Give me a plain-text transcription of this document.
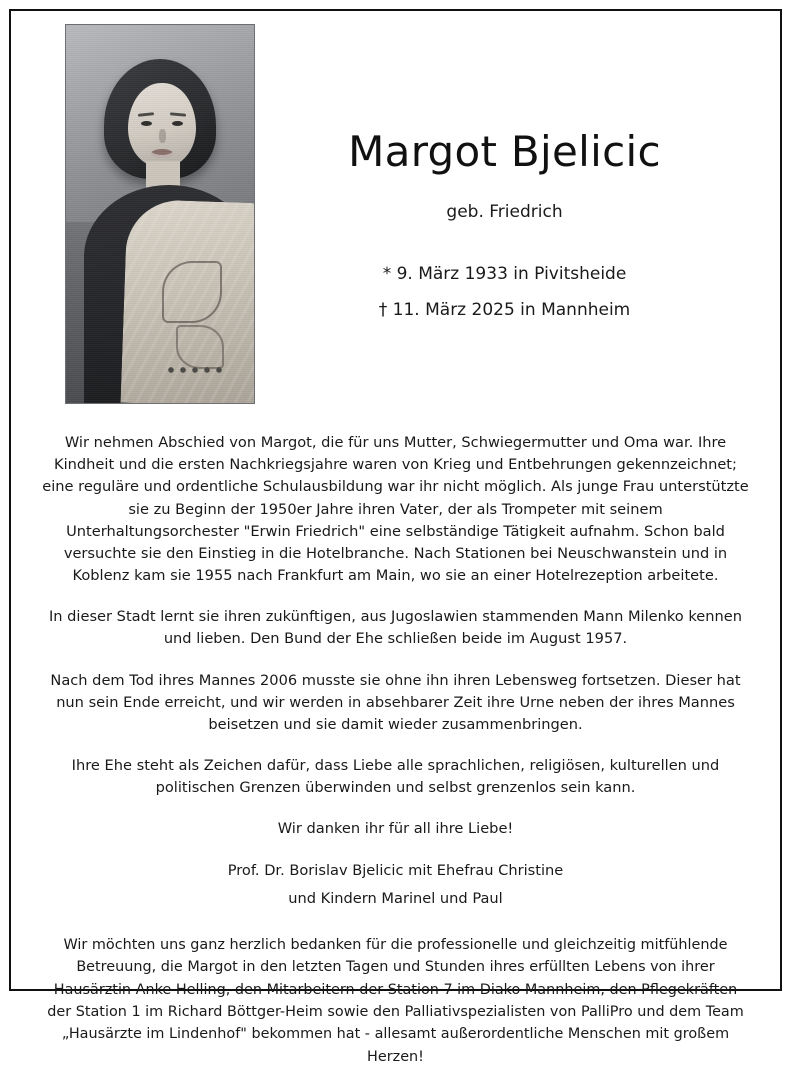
Margot Bjelicic

geb. Friedrich

* 9. März 1933 in Pivitsheide

† 11. März 2025 in Mannheim

Wir nehmen Abschied von Margot, die für uns Mutter, Schwiegermutter und Oma war. Ihre Kindheit und die ersten Nachkriegsjahre waren von Krieg und Entbehrungen gekennzeichnet; eine reguläre und ordentliche Schulausbildung war ihr nicht möglich. Als junge Frau unterstützte sie zu Beginn der 1950er Jahre ihren Vater, der als Trompeter mit seinem Unterhaltungsorchester "Erwin Friedrich" eine selbständige Tätigkeit aufnahm. Schon bald versuchte sie den Einstieg in die Hotelbranche. Nach Stationen bei Neuschwanstein und in Koblenz kam sie 1955 nach Frankfurt am Main, wo sie an einer Hotelrezeption arbeitete.

In dieser Stadt lernt sie ihren zukünftigen, aus Jugoslawien stammenden Mann Milenko kennen und lieben. Den Bund der Ehe schließen beide im August 1957.

Nach dem Tod ihres Mannes 2006 musste sie ohne ihn ihren Lebensweg fortsetzen. Dieser hat nun sein Ende erreicht, und wir werden in absehbarer Zeit ihre Urne neben der ihres Mannes beisetzen und sie damit wieder zusammenbringen.

Ihre Ehe steht als Zeichen dafür, dass Liebe alle sprachlichen, religiösen, kulturellen und politischen Grenzen überwinden und selbst grenzenlos sein kann.

Wir danken ihr für all ihre Liebe!

Prof. Dr. Borislav Bjelicic mit Ehefrau Christine

und Kindern Marinel und Paul

Wir möchten uns ganz herzlich bedanken für die professionelle und gleichzeitig mitfühlende Betreuung, die Margot in den letzten Tagen und Stunden ihres erfüllten Lebens von ihrer Hausärztin Anke Helling, den Mitarbeitern der Station 7 im Diako Mannheim, den Pflegekräften der Station 1 im Richard Böttger-Heim sowie den Palliativspezialisten von PalliPro und dem Team „Hausärzte im Lindenhof" bekommen hat - allesamt außerordentliche Menschen mit großem Herzen!
